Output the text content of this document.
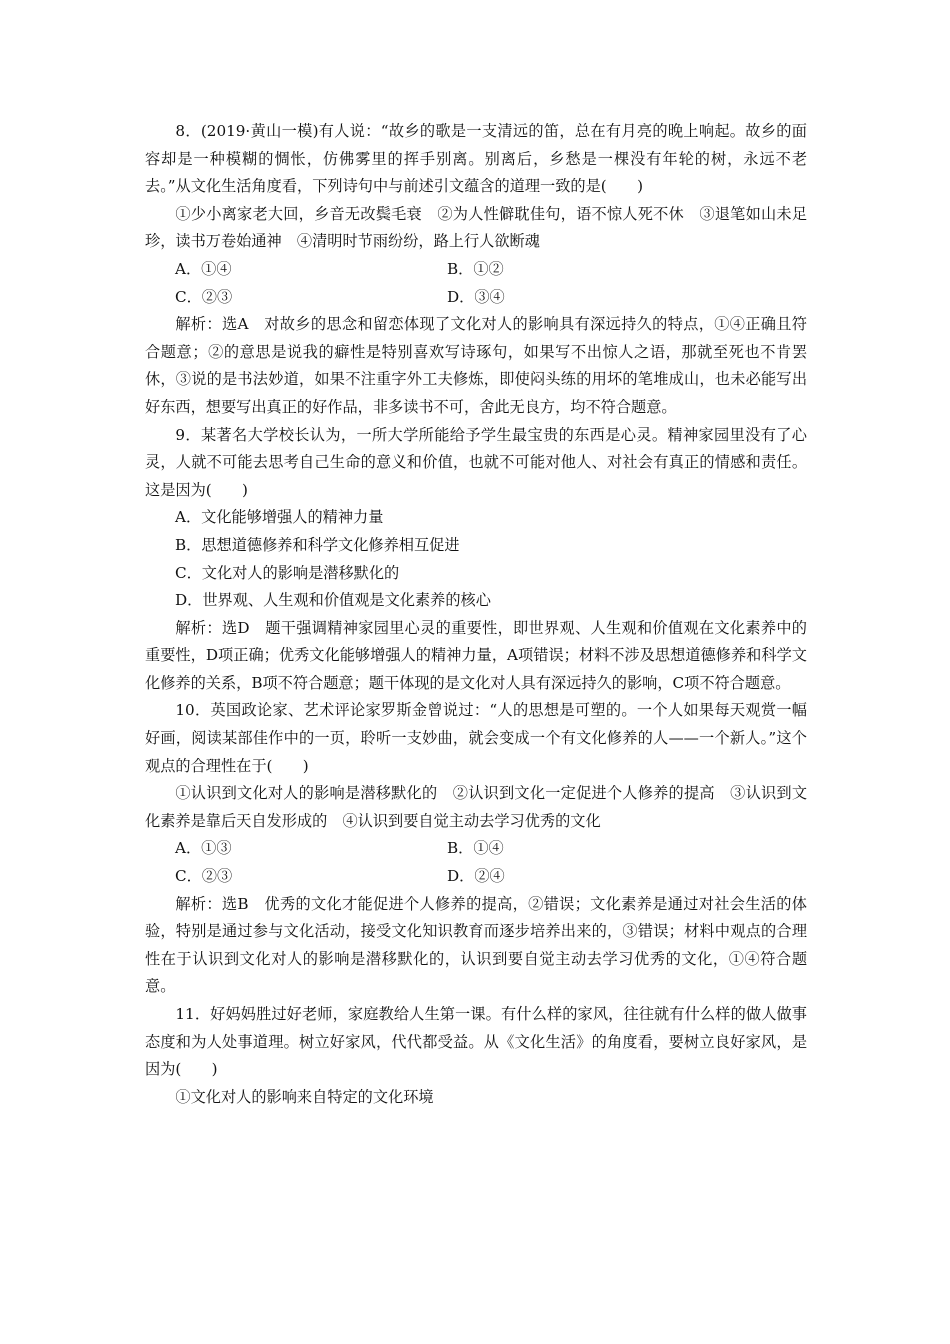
8．(2019·黄山一模)有人说：“故乡的歌是一支清远的笛，总在有月亮的晚上响起。故乡的面容却是一种模糊的惆怅，仿佛雾里的挥手别离。别离后，乡愁是一棵没有年轮的树，永远不老去。”从文化生活角度看，下列诗句中与前述引文蕴含的道理一致的是(　　)

①少小离家老大回，乡音无改鬓毛衰　②为人性僻耽佳句，语不惊人死不休　③退笔如山未足珍，读书万卷始通神　④清明时节雨纷纷，路上行人欲断魂

A．①④	B．①②
C．②③	D．③④

解析：选A　对故乡的思念和留恋体现了文化对人的影响具有深远持久的特点，①④正确且符合题意；②的意思是说我的癖性是特别喜欢写诗琢句，如果写不出惊人之语，那就至死也不肯罢休，③说的是书法妙道，如果不注重字外工夫修炼，即使闷头练的用坏的笔堆成山，也未必能写出好东西，想要写出真正的好作品，非多读书不可，舍此无良方，均不符合题意。

9．某著名大学校长认为，一所大学所能给予学生最宝贵的东西是心灵。精神家园里没有了心灵，人就不可能去思考自己生命的意义和价值，也就不可能对他人、对社会有真正的情感和责任。这是因为(　　)

A．文化能够增强人的精神力量

B．思想道德修养和科学文化修养相互促进

C．文化对人的影响是潜移默化的

D．世界观、人生观和价值观是文化素养的核心

解析：选D　题干强调精神家园里心灵的重要性，即世界观、人生观和价值观在文化素养中的重要性，D项正确；优秀文化能够增强人的精神力量，A项错误；材料不涉及思想道德修养和科学文化修养的关系，B项不符合题意；题干体现的是文化对人具有深远持久的影响，C项不符合题意。

10．英国政论家、艺术评论家罗斯金曾说过：“人的思想是可塑的。一个人如果每天观赏一幅好画，阅读某部佳作中的一页，聆听一支妙曲，就会变成一个有文化修养的人——一个新人。”这个观点的合理性在于(　　)

①认识到文化对人的影响是潜移默化的　②认识到文化一定促进个人修养的提高　③认识到文化素养是靠后天自发形成的　④认识到要自觉主动去学习优秀的文化

A．①③	B．①④
C．②③	D．②④

解析：选B　优秀的文化才能促进个人修养的提高，②错误；文化素养是通过对社会生活的体验，特别是通过参与文化活动，接受文化知识教育而逐步培养出来的，③错误；材料中观点的合理性在于认识到文化对人的影响是潜移默化的，认识到要自觉主动去学习优秀的文化，①④符合题意。

11．好妈妈胜过好老师，家庭教给人生第一课。有什么样的家风，往往就有什么样的做人做事态度和为人处事道理。树立好家风，代代都受益。从《文化生活》的角度看，要树立良好家风，是因为(　　)

①文化对人的影响来自特定的文化环境
